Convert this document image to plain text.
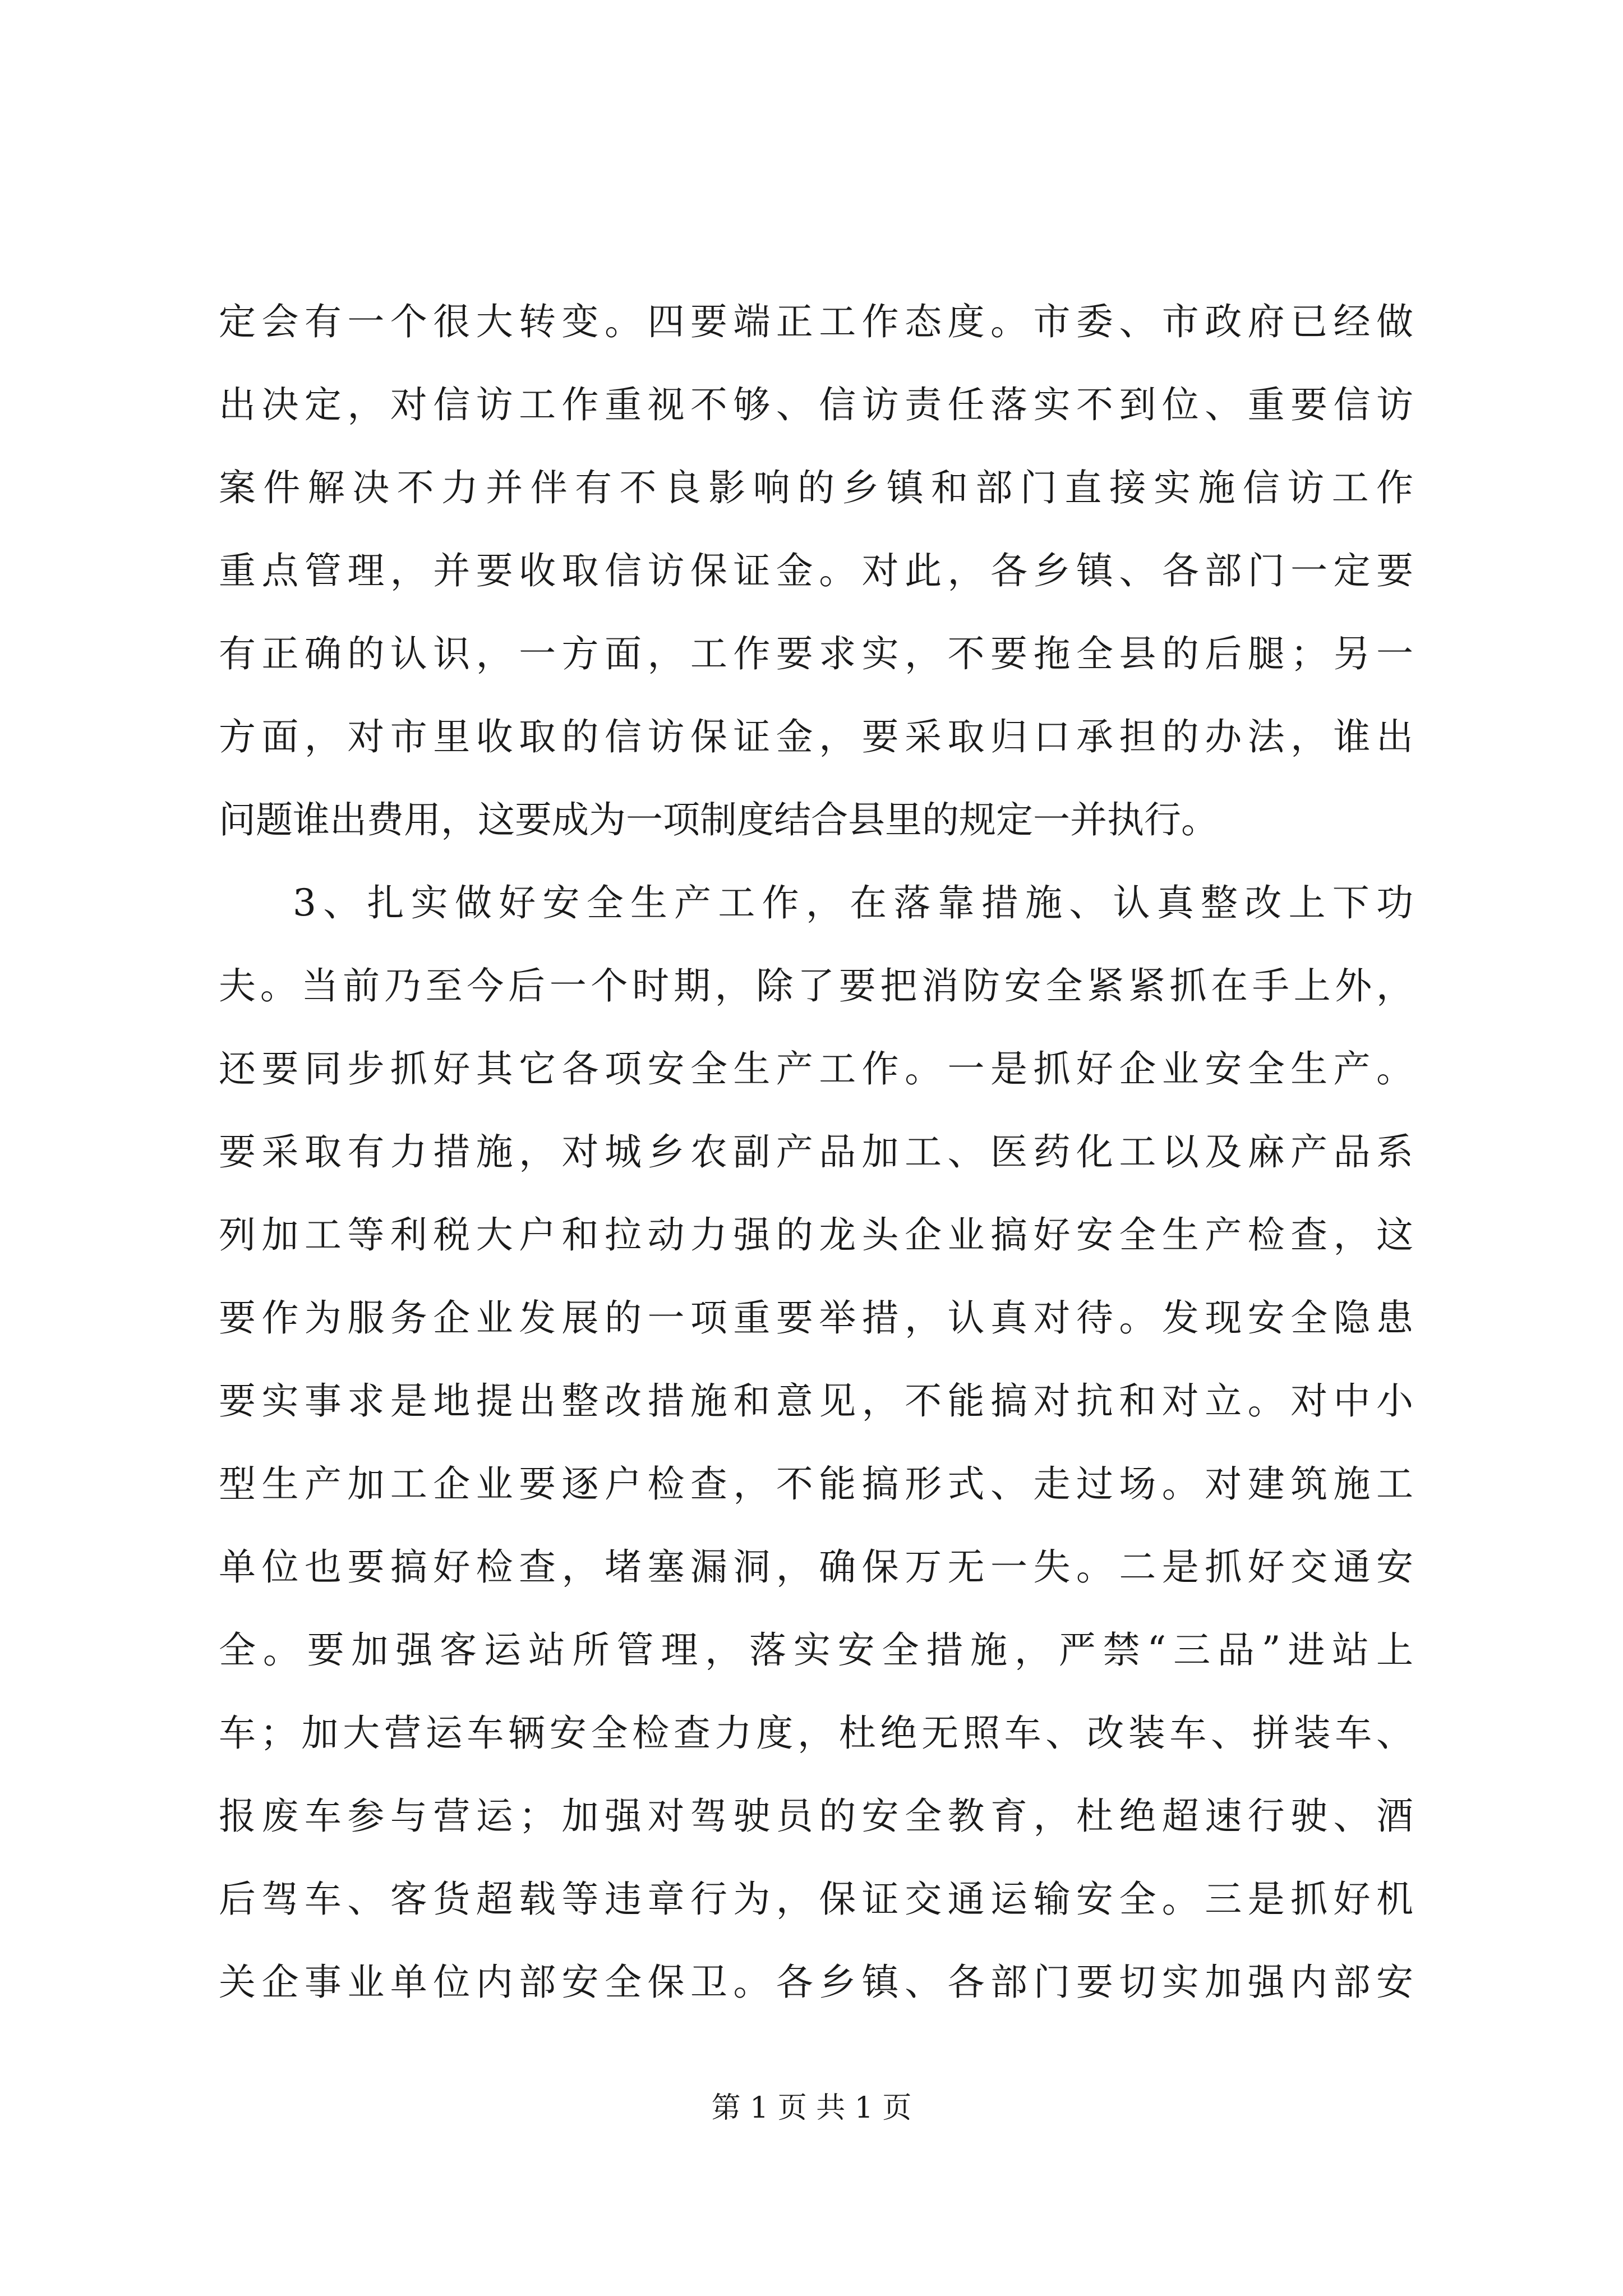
定会有一个很大转变。四要端正工作态度。市委、市政府已经做
出决定，对信访工作重视不够、信访责任落实不到位、重要信访
案件解决不力并伴有不良影响的乡镇和部门直接实施信访工作
重点管理，并要收取信访保证金。对此，各乡镇、各部门一定要
有正确的认识，一方面，工作要求实，不要拖全县的后腿；另一
方面，对市里收取的信访保证金，要采取归口承担的办法，谁出
问题谁出费用，这要成为一项制度结合县里的规定一并执行。
3、扎实做好安全生产工作，在落靠措施、认真整改上下功
夫。当前乃至今后一个时期，除了要把消防安全紧紧抓在手上外，
还要同步抓好其它各项安全生产工作。一是抓好企业安全生产。
要采取有力措施，对城乡农副产品加工、医药化工以及麻产品系
列加工等利税大户和拉动力强的龙头企业搞好安全生产检查，这
要作为服务企业发展的一项重要举措，认真对待。发现安全隐患
要实事求是地提出整改措施和意见，不能搞对抗和对立。对中小
型生产加工企业要逐户检查，不能搞形式、走过场。对建筑施工
单位也要搞好检查，堵塞漏洞，确保万无一失。二是抓好交通安
全。要加强客运站所管理，落实安全措施，严禁“三品”进站上
车；加大营运车辆安全检查力度，杜绝无照车、改装车、拼装车、
报废车参与营运；加强对驾驶员的安全教育，杜绝超速行驶、酒
后驾车、客货超载等违章行为，保证交通运输安全。三是抓好机
关企事业单位内部安全保卫。各乡镇、各部门要切实加强内部安
第 1 页 共 1 页
